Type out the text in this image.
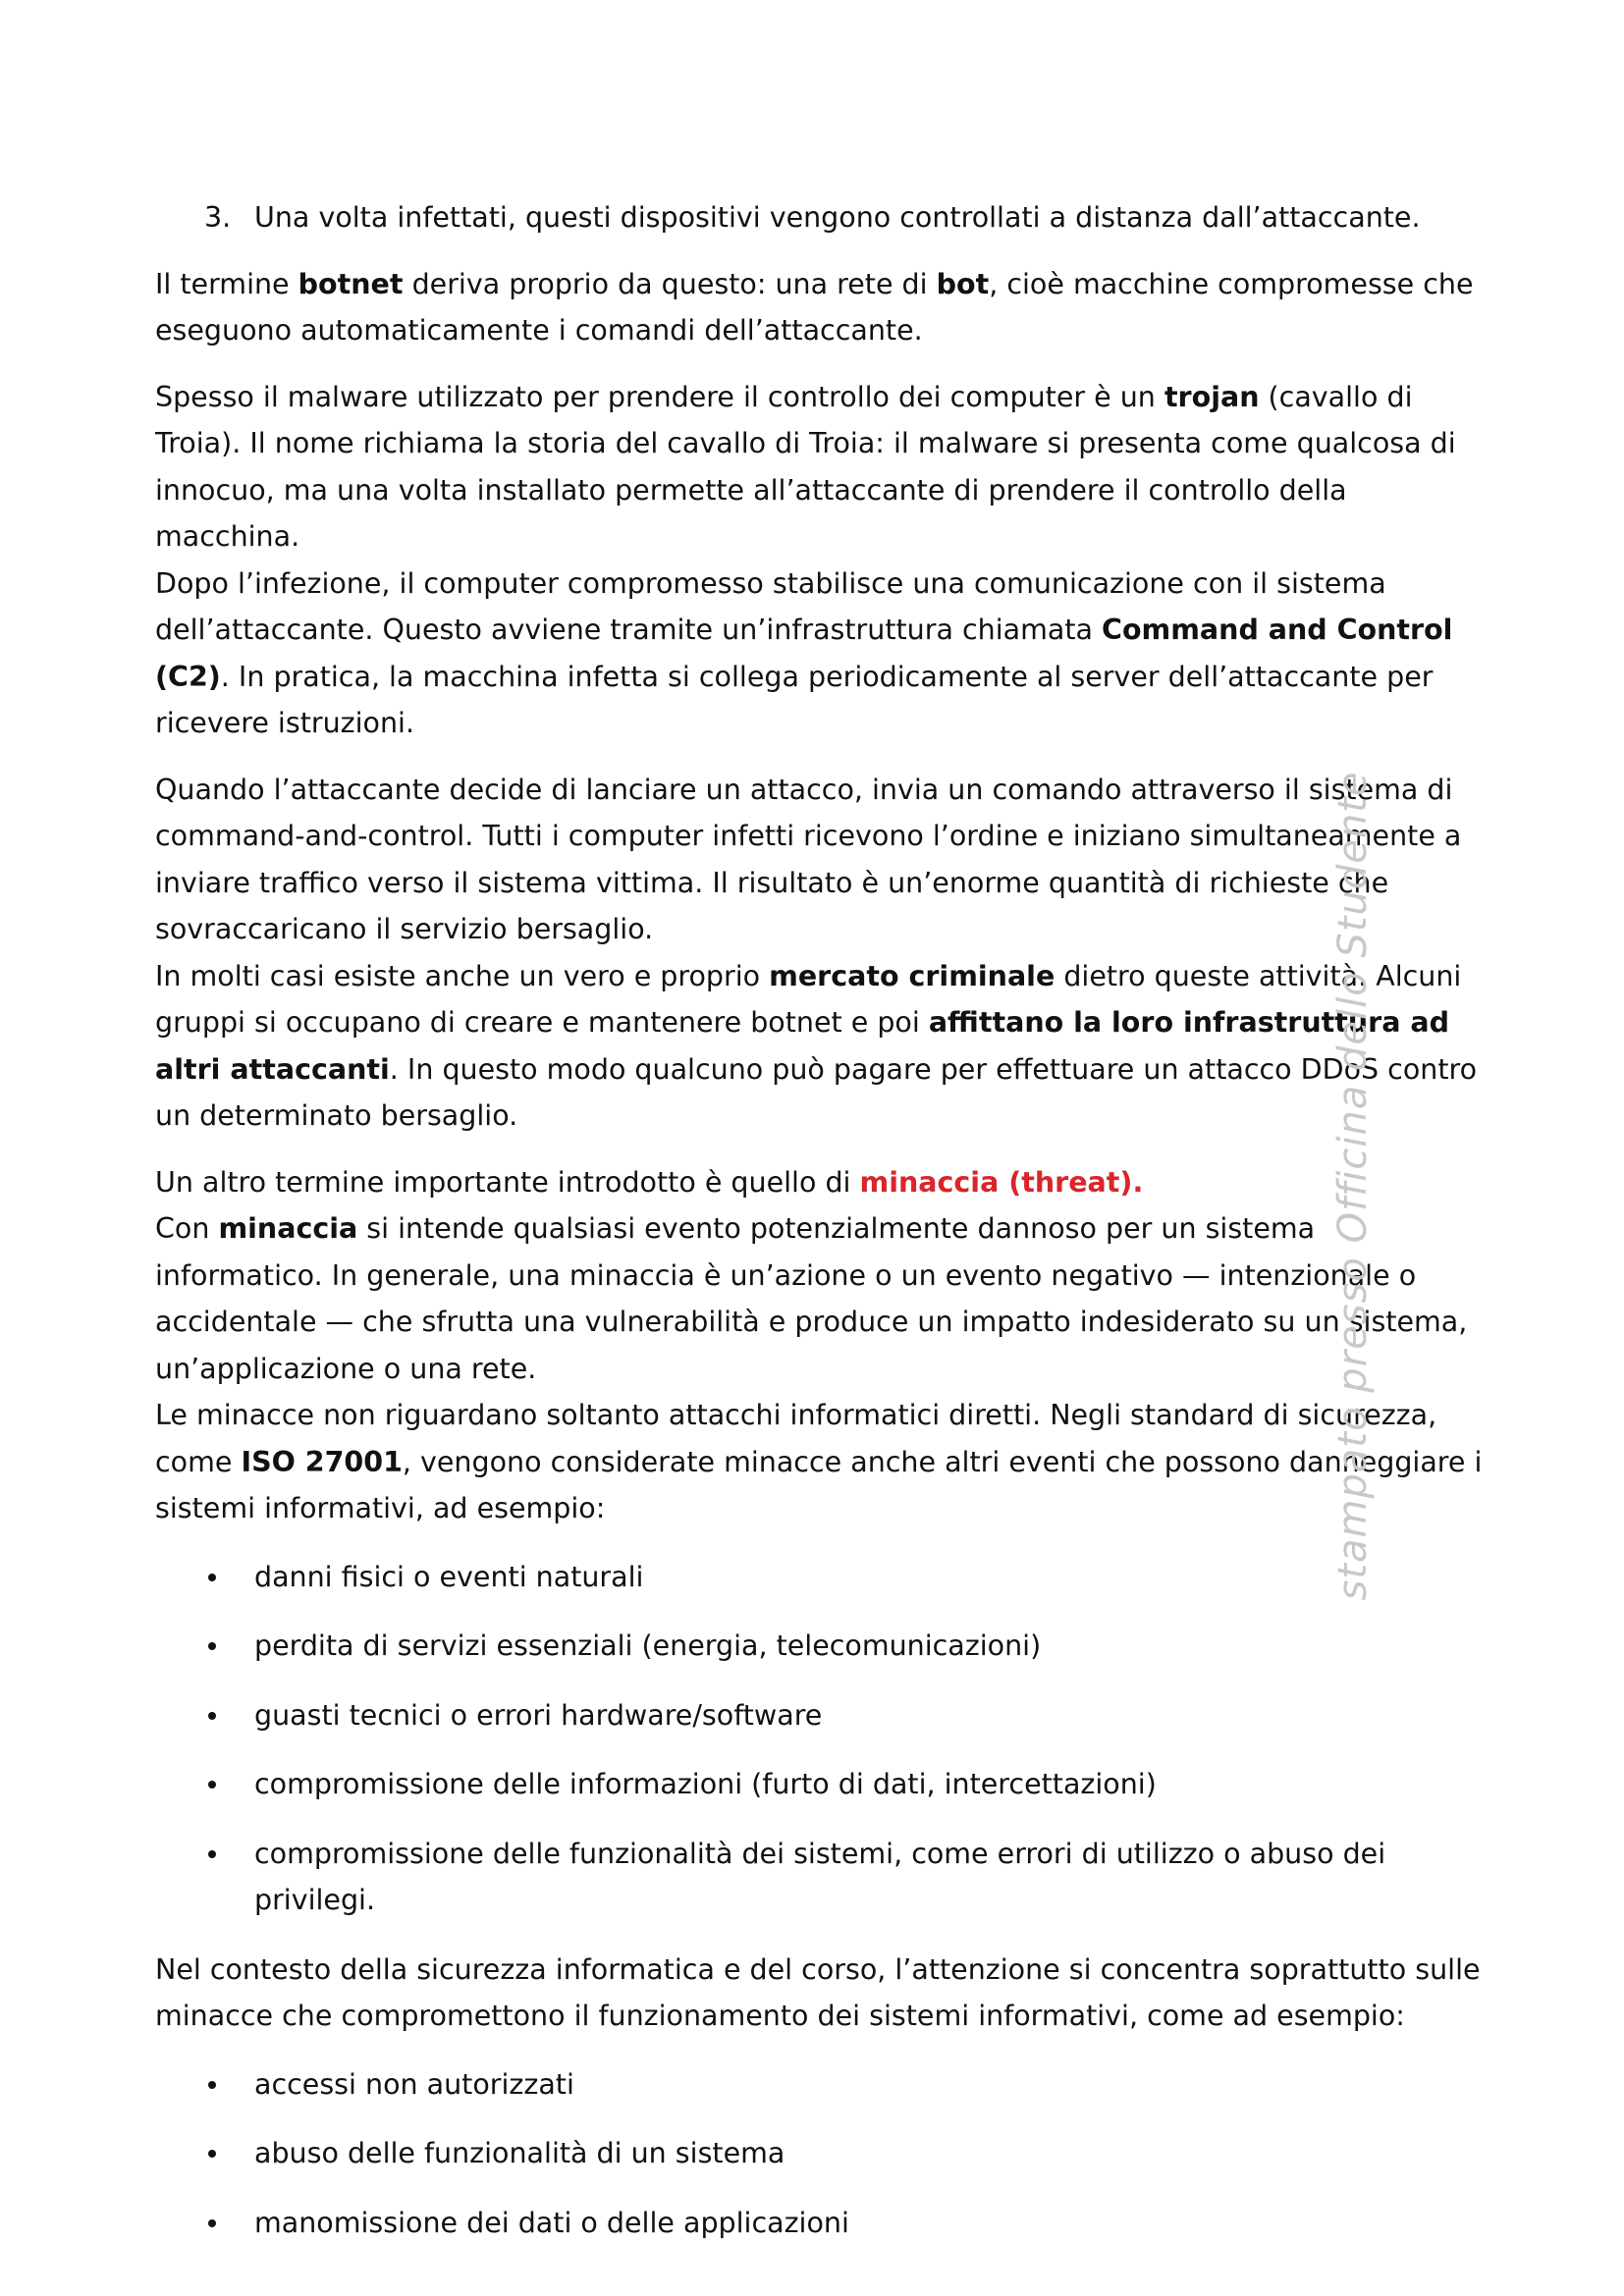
3. Una volta infettati, questi dispositivi vengono controllati a distanza dall’attaccante.

Il termine botnet deriva proprio da questo: una rete di bot, cioè macchine compromesse che eseguono automaticamente i comandi dell’attaccante.

Spesso il malware utilizzato per prendere il controllo dei computer è un trojan (cavallo di Troia). Il nome richiama la storia del cavallo di Troia: il malware si presenta come qualcosa di innocuo, ma una volta installato permette all’attaccante di prendere il controllo della macchina.

Dopo l’infezione, il computer compromesso stabilisce una comunicazione con il sistema dell’attaccante. Questo avviene tramite un’infrastruttura chiamata Command and Control (C2). In pratica, la macchina infetta si collega periodicamente al server dell’attaccante per ricevere istruzioni.

Quando l’attaccante decide di lanciare un attacco, invia un comando attraverso il sistema di command-and-control. Tutti i computer infetti ricevono l’ordine e iniziano simultaneamente a inviare traffico verso il sistema vittima. Il risultato è un’enorme quantità di richieste che sovraccaricano il servizio bersaglio.

In molti casi esiste anche un vero e proprio mercato criminale dietro queste attività. Alcuni gruppi si occupano di creare e mantenere botnet e poi affittano la loro infrastruttura ad altri attaccanti. In questo modo qualcuno può pagare per effettuare un attacco DDoS contro un determinato bersaglio.

Un altro termine importante introdotto è quello di minaccia (threat).

Con minaccia si intende qualsiasi evento potenzialmente dannoso per un sistema informatico. In generale, una minaccia è un’azione o un evento negativo — intenzionale o accidentale — che sfrutta una vulnerabilità e produce un impatto indesiderato su un sistema, un’applicazione o una rete.

Le minacce non riguardano soltanto attacchi informatici diretti. Negli standard di sicurezza, come ISO 27001, vengono considerate minacce anche altri eventi che possono danneggiare i sistemi informativi, ad esempio:

danni fisici o eventi naturali
perdita di servizi essenziali (energia, telecomunicazioni)
guasti tecnici o errori hardware/software
compromissione delle informazioni (furto di dati, intercettazioni)
compromissione delle funzionalità dei sistemi, come errori di utilizzo o abuso dei privilegi.

Nel contesto della sicurezza informatica e del corso, l’attenzione si concentra soprattutto sulle minacce che compromettono il funzionamento dei sistemi informativi, come ad esempio:

accessi non autorizzati
abuso delle funzionalità di un sistema
manomissione dei dati o delle applicazioni
stampato presso Officina dello Studente
